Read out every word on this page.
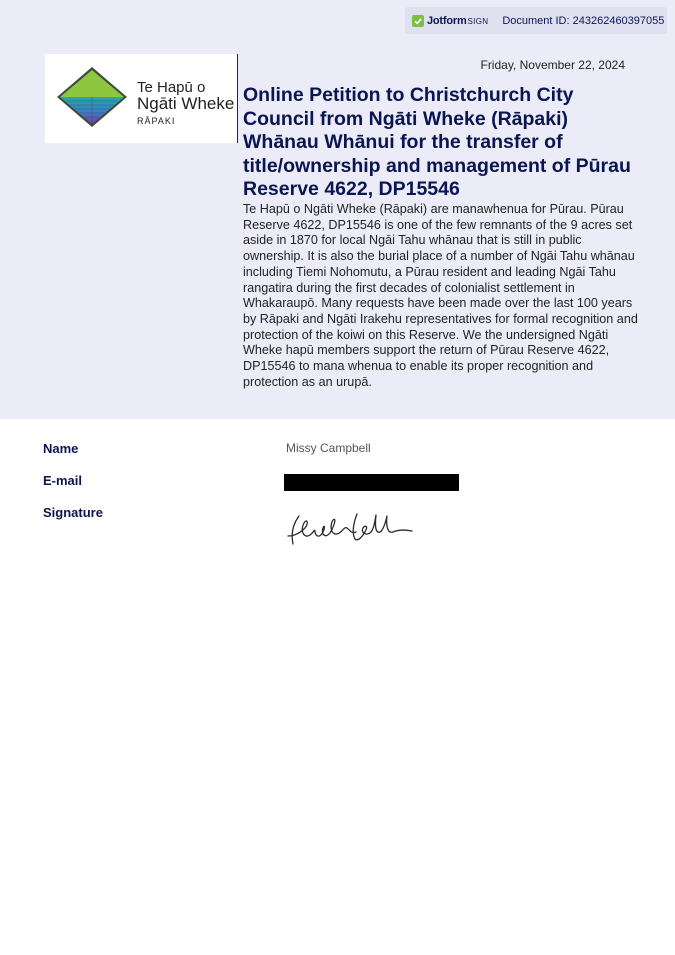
Jotform SIGN Document ID: 243262460397055
Te Hapū o
Ngāti Wheke
RĀPAKI
Friday, November 22, 2024
Online Petition to Christchurch City Council from Ngāti Wheke (Rāpaki) Whānau Whānui for the transfer of title/ownership and management of Pūrau Reserve 4622, DP15546

Te Hapū o Ngāti Wheke (Rāpaki) are manawhenua for Pūrau. Pūrau Reserve 4622, DP15546 is one of the few remnants of the 9 acres set aside in 1870 for local Ngāi Tahu whānau that is still in public ownership. It is also the burial place of a number of Ngāi Tahu whānau including Tiemi Nohomutu, a Pūrau resident and leading Ngāi Tahu rangatira during the first decades of colonialist settlement in Whakaraupō. Many requests have been made over the last 100 years by Rāpaki and Ngāti Irakehu representatives for formal recognition and protection of the koiwi on this Reserve. We the undersigned Ngāti Wheke hapū members support the return of Pūrau Reserve 4622, DP15546 to mana whenua to enable its proper recognition and protection as an urupā.

Name	Missy Campbell
E-mail
Signature
